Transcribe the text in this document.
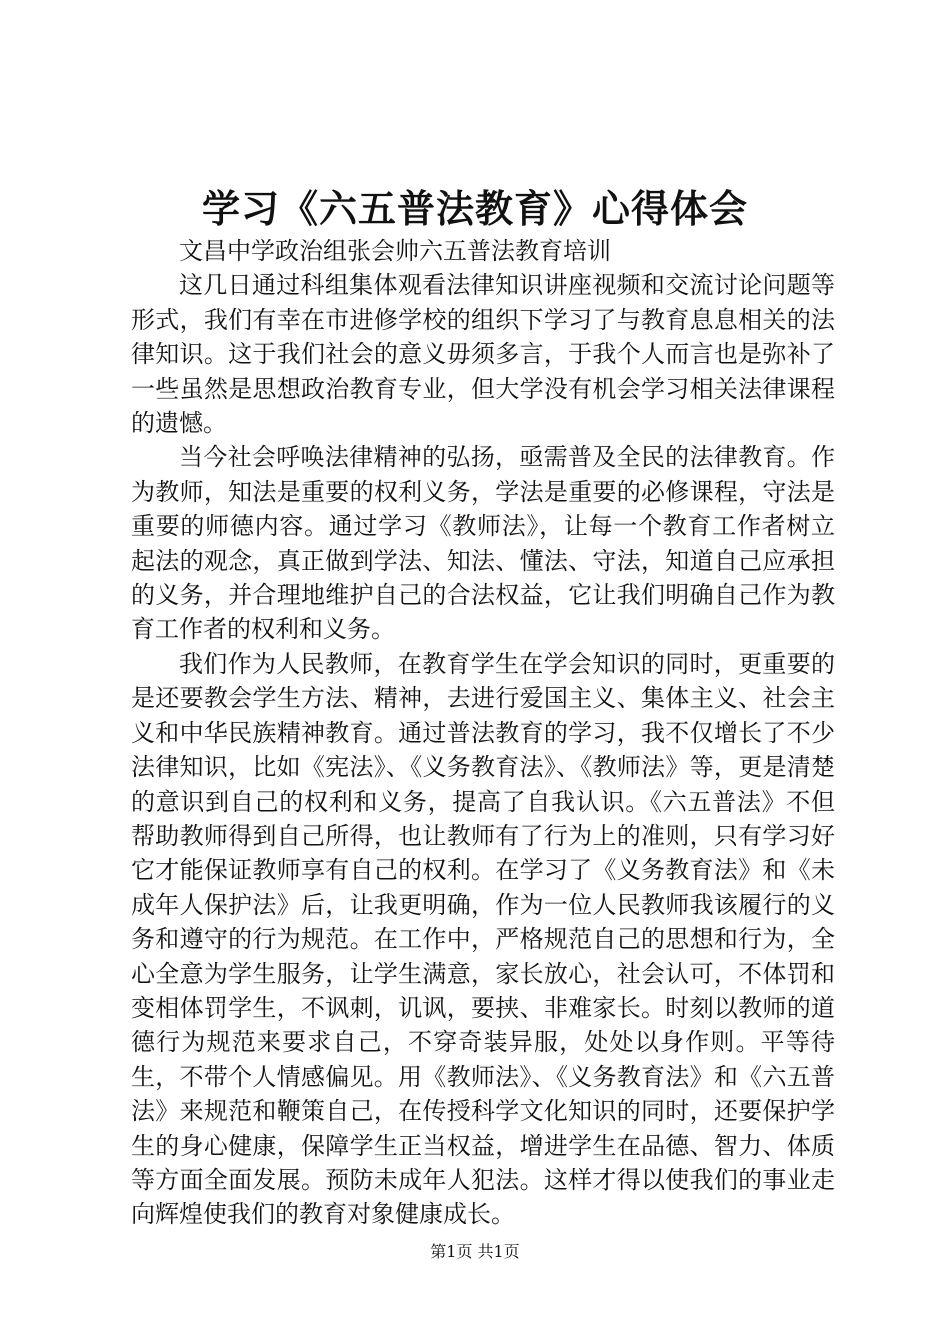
学习《六五普法教育》心得体会

文昌中学政治组张会帅六五普法教育培训

这几日通过科组集体观看法律知识讲座视频和交流讨论问题等形式，我们有幸在市进修学校的组织下学习了与教育息息相关的法律知识。这于我们社会的意义毋须多言，于我个人而言也是弥补了一些虽然是思想政治教育专业，但大学没有机会学习相关法律课程的遗憾。

当今社会呼唤法律精神的弘扬，亟需普及全民的法律教育。作为教师，知法是重要的权利义务，学法是重要的必修课程，守法是重要的师德内容。通过学习《教师法》，让每一个教育工作者树立起法的观念，真正做到学法、知法、懂法、守法，知道自己应承担的义务，并合理地维护自己的合法权益，它让我们明确自己作为教育工作者的权利和义务。

我们作为人民教师，在教育学生在学会知识的同时，更重要的是还要教会学生方法、精神，去进行爱国主义、集体主义、社会主义和中华民族精神教育。通过普法教育的学习，我不仅增长了不少法律知识，比如《宪法》、《义务教育法》、《教师法》等，更是清楚的意识到自己的权利和义务，提高了自我认识。《六五普法》不但帮助教师得到自己所得，也让教师有了行为上的准则，只有学习好它才能保证教师享有自己的权利。在学习了《义务教育法》和《未成年人保护法》后，让我更明确，作为一位人民教师我该履行的义务和遵守的行为规范。在工作中，严格规范自己的思想和行为，全心全意为学生服务，让学生满意，家长放心，社会认可，不体罚和变相体罚学生，不讽刺，讥讽，要挟、非难家长。时刻以教师的道德行为规范来要求自己，不穿奇装异服，处处以身作则。平等待生，不带个人情感偏见。用《教师法》、《义务教育法》和《六五普法》来规范和鞭策自己，在传授科学文化知识的同时，还要保护学生的身心健康，保障学生正当权益，增进学生在品德、智力、体质等方面全面发展。预防未成年人犯法。这样才得以使我们的事业走向辉煌使我们的教育对象健康成长。

第1页 共1页
